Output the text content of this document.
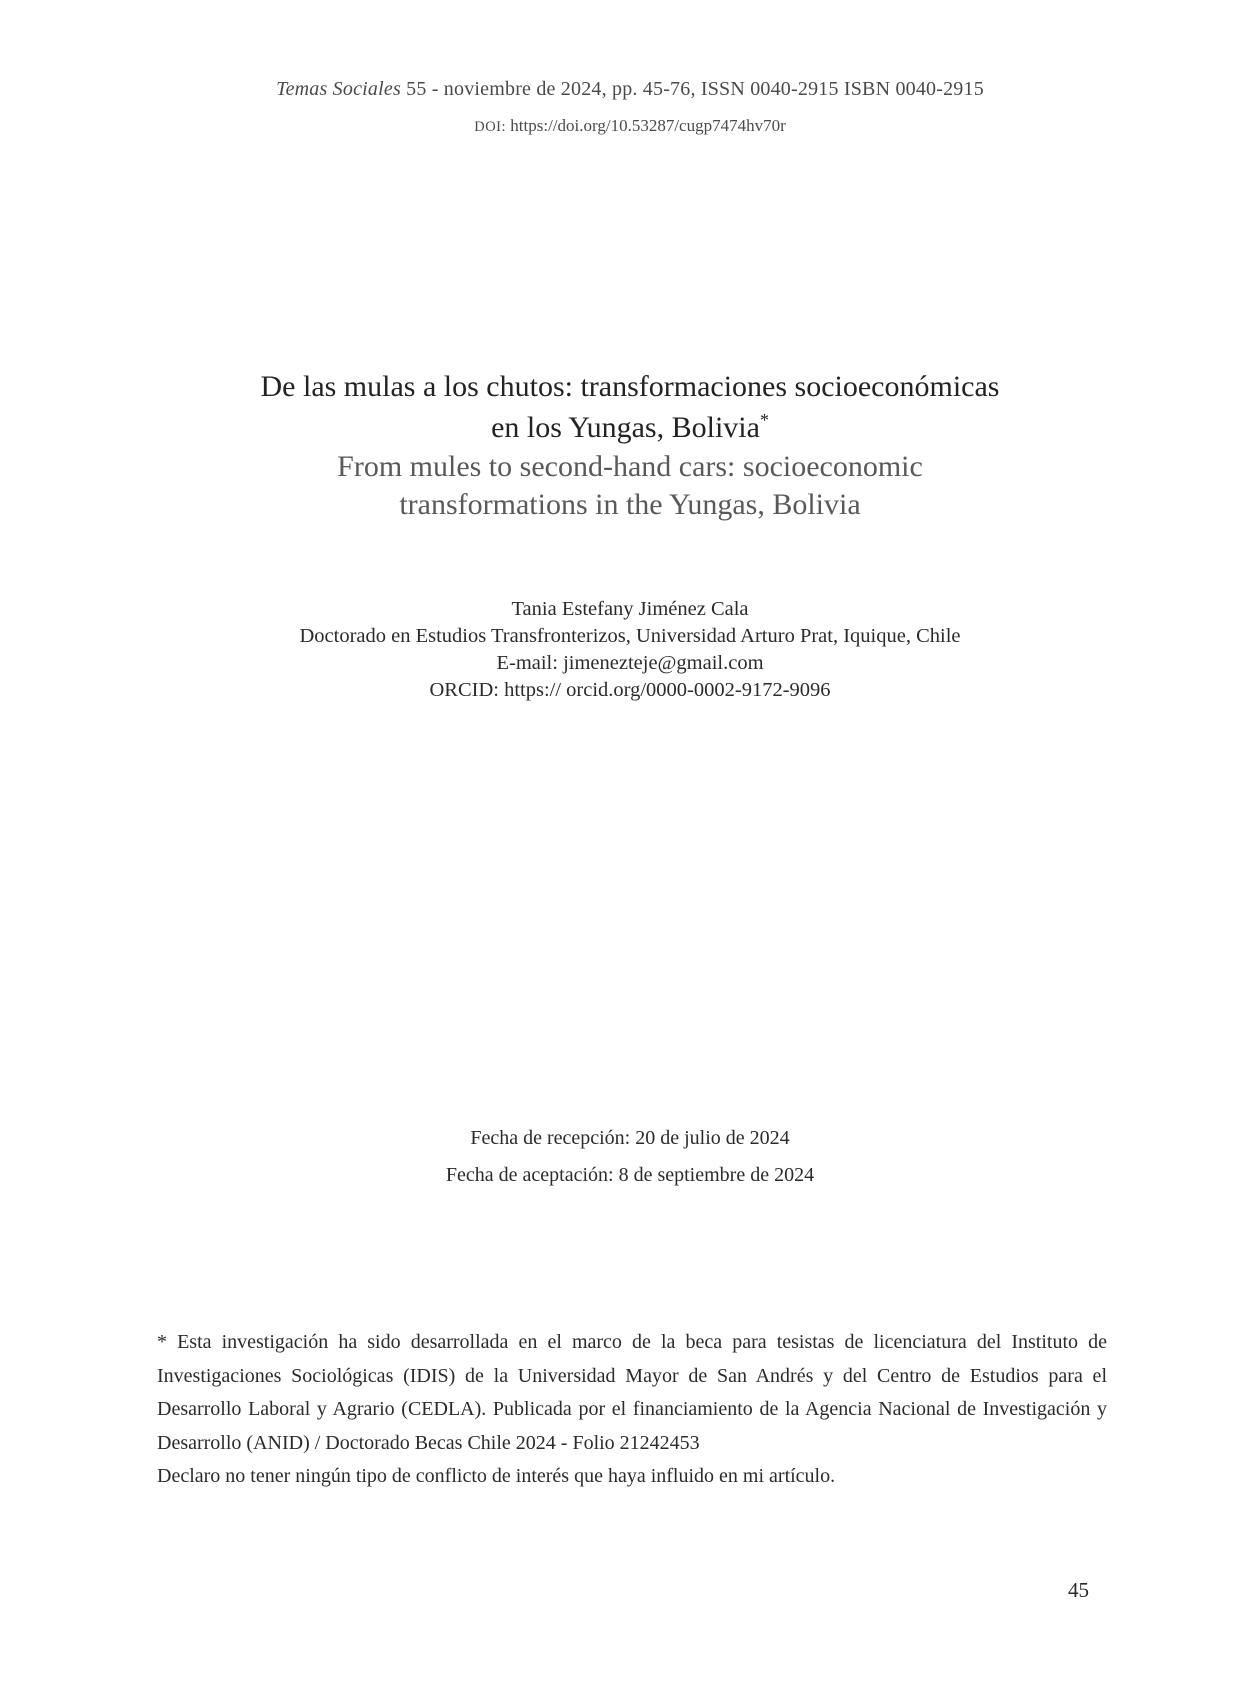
Temas Sociales 55 - noviembre de 2024, pp. 45-76, ISSN 0040-2915 ISBN 0040-2915
DOI: https://doi.org/10.53287/cugp7474hv70r
De las mulas a los chutos: transformaciones socioeconómicas
en los Yungas, Bolivia*
From mules to second-hand cars: socioeconomic
transformations in the Yungas, Bolivia
Tania Estefany Jiménez Cala
Doctorado en Estudios Transfronterizos, Universidad Arturo Prat, Iquique, Chile
E-mail: jimenezteje@gmail.com
ORCID: https:// orcid.org/0000-0002-9172-9096
Fecha de recepción: 20 de julio de 2024
Fecha de aceptación: 8 de septiembre de 2024

* Esta investigación ha sido desarrollada en el marco de la beca para tesistas de licenciatura del Instituto de Investigaciones Sociológicas (IDIS) de la Universidad Mayor de San Andrés y del Centro de Estudios para el Desarrollo Laboral y Agrario (CEDLA). Publicada por el financiamiento de la Agencia Nacional de Investigación y Desarrollo (ANID) / Doctorado Becas Chile 2024 - Folio 21242453

Declaro no tener ningún tipo de conflicto de interés que haya influido en mi artículo.

45
